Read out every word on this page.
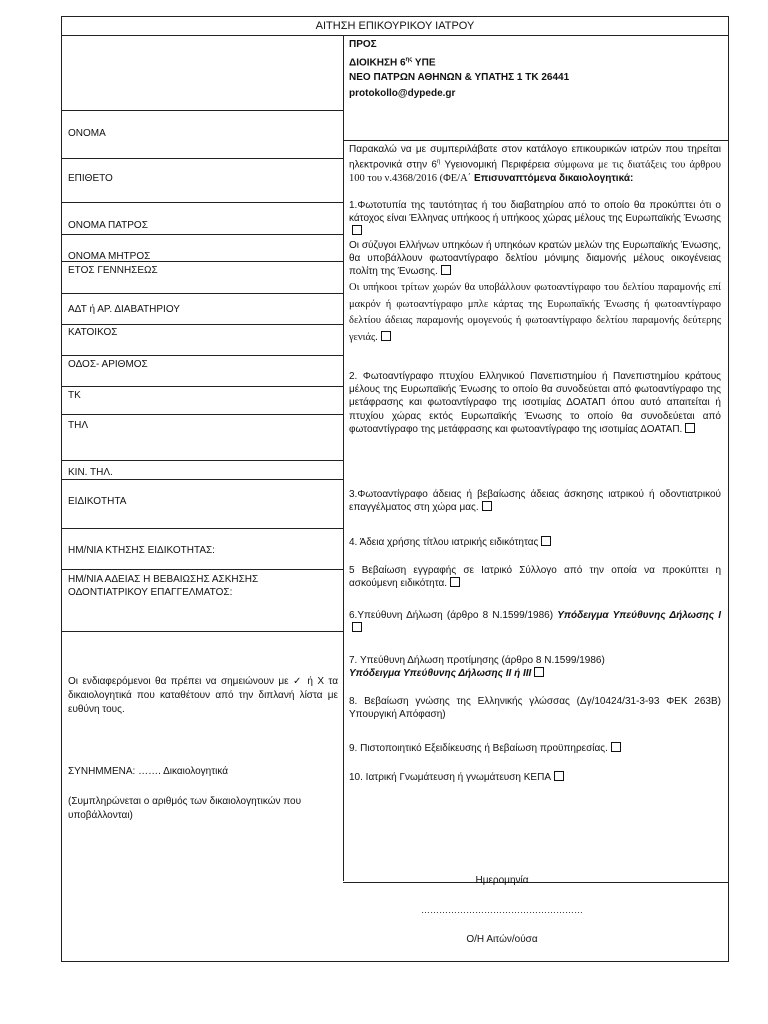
ΑΙΤΗΣΗ ΕΠΙΚΟΥΡΙΚΟΥ ΙΑΤΡΟΥ
ΟΝΟΜΑ
ΕΠΙΘΕΤΟ
ΟΝΟΜΑ ΠΑΤΡΟΣ
ΟΝΟΜΑ ΜΗΤΡΟΣ
ΕΤΟΣ ΓΕΝΝΗΣΕΩΣ
ΑΔΤ ή ΑΡ. ΔΙΑΒΑΤΗΡΙΟΥ
ΚΑΤΟΙΚΟΣ
ΟΔΟΣ- ΑΡΙΘΜΟΣ
ΤΚ
ΤΗΛ
ΚΙΝ. ΤΗΛ.
ΕΙΔΙΚΟΤΗΤΑ
ΗΜ/ΝΙΑ ΚΤΗΣΗΣ ΕΙΔΙΚΟΤΗΤΑΣ:
ΗΜ/ΝΙΑ ΑΔΕΙΑΣ Η ΒΕΒΑΙΩΣΗΣ ΑΣΚΗΣΗΣ ΟΔΟΝΤΙΑΤΡΙΚΟΥ ΕΠΑΓΓΕΛΜΑΤΟΣ:
Οι ενδιαφερόμενοι θα πρέπει να σημειώνουν με ✓ ή Χ τα δικαιολογητικά που καταθέτουν από την διπλανή λίστα με ευθύνη τους.
ΣΥΝΗΜΜΕΝΑ: ……. Δικαιολογητικά
(Συμπληρώνεται ο αριθμός των δικαιολογητικών που υποβάλλονται)
ΠΡΟΣ
ΔΙΟΙΚΗΣΗ $6^{\eta\varsigma}$ ΥΠΕ
ΝΕΟ ΠΑΤΡΩΝ ΑΘΗΝΩΝ & ΥΠΑΤΗΣ 1 ΤΚ 26441
protokollo@dypede.gr
Παρακαλώ να με συμπεριλάβατε στον κατάλογο επικουρικών ιατρών που τηρείται ηλεκτρονικά στην $6^\eta$ Υγειονομική Περιφέρεια σύμφωνα με τις διατάξεις του άρθρου 100 του ν.4368/2016 (ΦΕ/Α΄ Επισυναπτόμενα δικαιολογητικά:
1.Φωτοτυπία της ταυτότητας ή του διαβατηρίου από το οποίο θα προκύπτει ότι ο κάτοχος είναι Έλληνας υπήκοος ή υπήκοος χώρας μέλους της Ευρωπαϊκής Ένωσης
Οι σύζυγοι Ελλήνων υπηκόων ή υπηκόων κρατών μελών της Ευρωπαϊκής Ένωσης, θα υποβάλλουν φωτοαντίγραφο δελτίου μόνιμης διαμονής μέλους οικογένειας πολίτη της Ένωσης.
Οι υπήκοοι τρίτων χωρών θα υποβάλλουν φωτοαντίγραφο του δελτίου παραμονής επί μακρόν ή φωτοαντίγραφο μπλε κάρτας της Ευρωπαϊκής Ένωσης ή φωτοαντίγραφο δελτίου άδειας παραμονής ομογενούς ή φωτοαντίγραφο δελτίου παραμονής δεύτερης γενιάς.
2. Φωτοαντίγραφο πτυχίου Ελληνικού Πανεπιστημίου ή Πανεπιστημίου κράτους μέλους της Ευρωπαϊκής Ένωσης το οποίο θα συνοδεύεται από φωτοαντίγραφο της μετάφρασης και φωτοαντίγραφο της ισοτιμίας ΔΟΑΤΑΠ όπου αυτό απαιτείται ή πτυχίου χώρας εκτός Ευρωπαϊκής Ένωσης το οποίο θα συνοδεύεται από φωτοαντίγραφο της μετάφρασης και φωτοαντίγραφο της ισοτιμίας ΔΟΑΤΑΠ.
3.Φωτοαντίγραφο άδειας ή βεβαίωσης άδειας άσκησης ιατρικού ή οδοντιατρικού επαγγέλματος στη χώρα μας.
4. Άδεια χρήσης τίτλου ιατρικής ειδικότητας
5 Βεβαίωση εγγραφής σε Ιατρικό Σύλλογο από την οποία να προκύπτει η ασκούμενη ειδικότητα.
6.Υπεύθυνη Δήλωση (άρθρο 8 Ν.1599/1986) Υπόδειγμα Υπεύθυνης Δήλωσης Ι
7. Υπεύθυνη Δήλωση προτίμησης (άρθρο 8 Ν.1599/1986)
Υπόδειγμα Υπεύθυνης Δήλωσης ΙΙ ή ΙΙΙ
8. Βεβαίωση γνώσης της Ελληνικής γλώσσας (Δγ/10424/31-3-93 ΦΕΚ 263Β) Υπουργική Απόφαση)
9. Πιστοποιητικό Εξειδίκευσης ή Βεβαίωση προϋπηρεσίας.
10. Ιατρική Γνωμάτευση ή γνωμάτευση ΚΕΠΑ
Ημερομηνία
………………………………………………
Ο/Η Αιτών/ούσα
